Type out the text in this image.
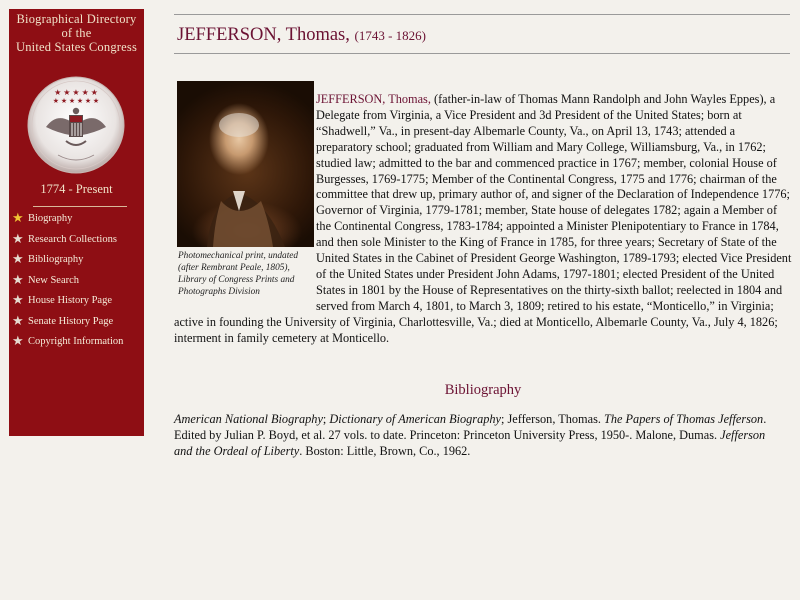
Biographical Directory
of the
United States Congress
★ ★ ★ ★ ★
★ ★ ★ ★ ★ ★
1774 - Present
★ Biography
★ Research Collections
★ Bibliography
★ New Search
★ House History Page
★ Senate History Page
★ Copyright Information
JEFFERSON, Thomas, (1743 - 1826)
Photomechanical print, undated (after Rembrant Peale, 1805), Library of Congress Prints and Photographs Division
JEFFERSON, Thomas, (father-in-law of Thomas Mann Randolph and John Wayles Eppes), a Delegate from Virginia, a Vice President and 3d President of the United States; born at “Shadwell,” Va., in present-day Albemarle County, Va., on April 13, 1743; attended a preparatory school; graduated from William and Mary College, Williamsburg, Va., in 1762; studied law; admitted to the bar and commenced practice in 1767; member, colonial House of Burgesses, 1769-1775; Member of the Continental Congress, 1775 and 1776; chairman of the committee that drew up, primary author of, and signer of the Declaration of Independence 1776; Governor of Virginia, 1779-1781; member, State house of delegates 1782; again a Member of the Continental Congress, 1783-1784; appointed a Minister Plenipotentiary to France in 1784, and then sole Minister to the King of France in 1785, for three years; Secretary of State of the United States in the Cabinet of President George Washington, 1789-1793; elected Vice President of the United States under President John Adams, 1797-1801; elected President of the United States in 1801 by the House of Representatives on the thirty-sixth ballot; reelected in 1804 and served from March 4, 1801, to March 3, 1809; retired to his estate, “Monticello,” in Virginia; active in founding the University of Virginia, Charlottesville, Va.; died at Monticello, Albemarle County, Va., July 4, 1826; interment in family cemetery at Monticello.
Bibliography
American National Biography; Dictionary of American Biography; Jefferson, Thomas. The Papers of Thomas Jefferson. Edited by Julian P. Boyd, et al. 27 vols. to date. Princeton: Princeton University Press, 1950-. Malone, Dumas. Jefferson and the Ordeal of Liberty. Boston: Little, Brown, Co., 1962.
